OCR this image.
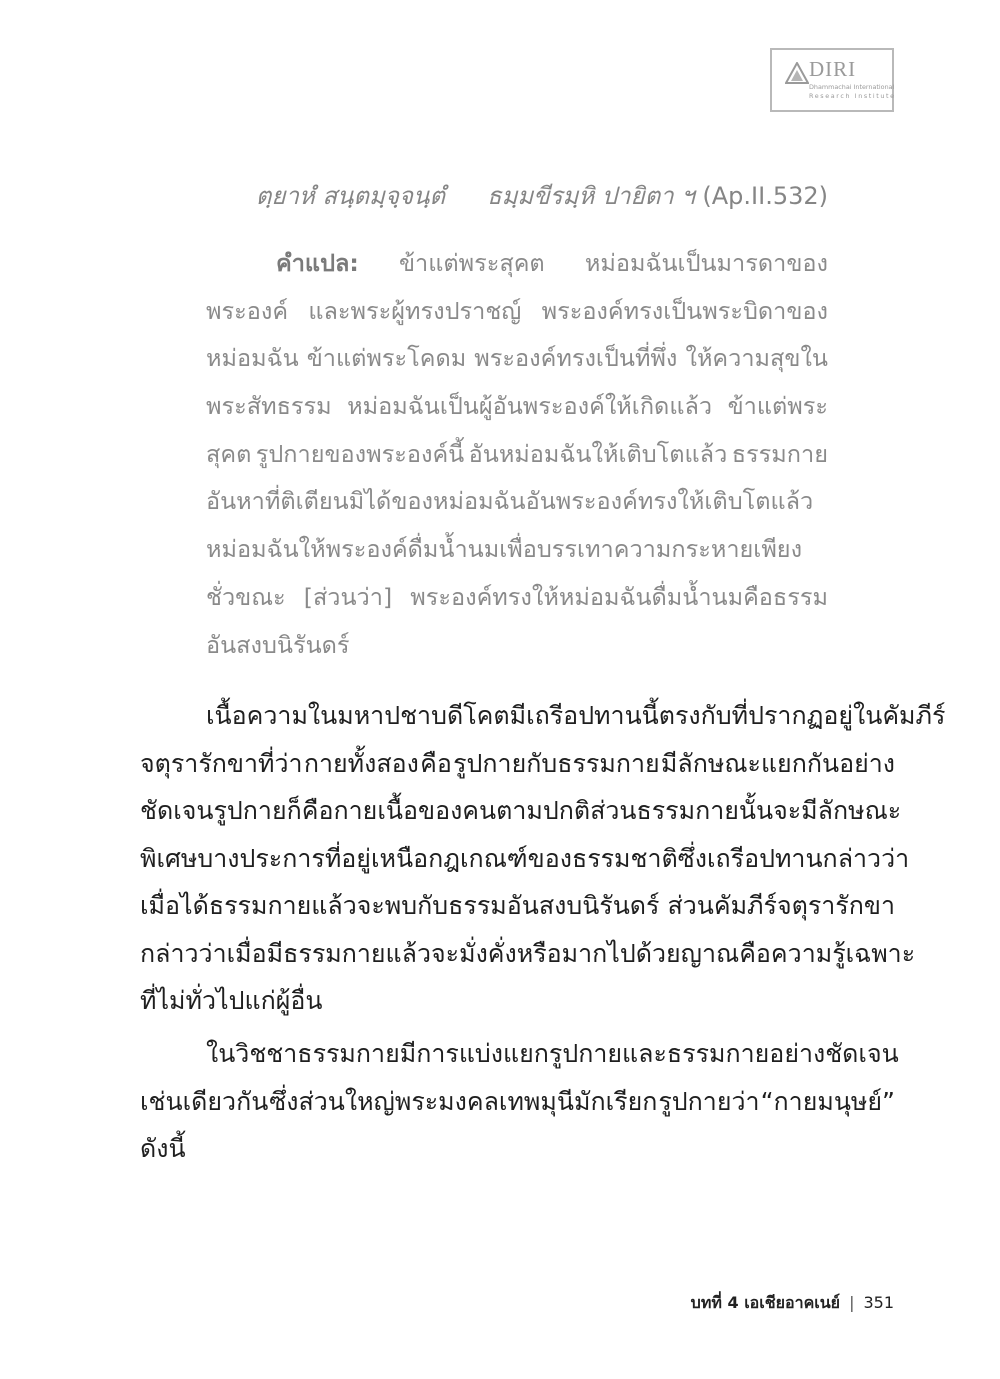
DIRI
Dhammachai International
Research Institute
ตฺยาหํ สนฺตมฺจฺจนฺตํ ธมฺมขีรมฺหิ ปายิตา ฯ (Ap.II.532)
คำแปล: ข้าแต่พระสุคต หม่อมฉันเป็นมารดาของ
พระองค์ และพระผู้ทรงปราชญ์ พระองค์ทรงเป็นพระบิดาของ
หม่อมฉัน ข้าแต่พระโคดม พระองค์ทรงเป็นที่พึ่ง ให้ความสุขใน
พระสัทธรรม หม่อมฉันเป็นผู้อันพระองค์ให้เกิดแล้ว ข้าแต่พระ
สุคต รูปกายของพระองค์นี้ อันหม่อมฉันให้เติบโตแล้ว ธรรมกาย
อันหาที่ติเตียนมิได้ของหม่อมฉันอันพระองค์ทรงให้เติบโตแล้ว
หม่อมฉันให้พระองค์ดื่มน้ำนมเพื่อบรรเทาความกระหายเพียง
ชั่วขณะ [ส่วนว่า] พระองค์ทรงให้หม่อมฉันดื่มน้ำนมคือธรรม
อันสงบนิรันดร์
เนื้อความในมหาปชาบดีโคตมีเถรีอปทานนี้ ตรงกับที่ปรากฏอยู่ในคัมภีร์
จตุรารักขาที่ว่า กายทั้งสอง คือ รูปกายกับธรรมกาย มีลักษณะแยกกันอย่าง
ชัดเจน รูปกาย ก็คือกายเนื้อของคนตามปกติ ส่วนธรรมกายนั้นจะมีลักษณะ
พิเศษบางประการที่อยู่เหนือกฎเกณฑ์ของธรรมชาติ ซึ่งเถรีอปทานกล่าวว่า
เมื่อได้ธรรมกายแล้วจะพบกับธรรมอันสงบนิรันดร์ ส่วนคัมภีร์จตุรารักขา
กล่าวว่า เมื่อมีธรรมกายแล้วจะมั่งคั่งหรือมากไปด้วยญาณ คือความรู้เฉพาะ
ที่ไม่ทั่วไปแก่ผู้อื่น
ในวิชชาธรรมกาย มีการแบ่งแยกรูปกายและธรรมกายอย่างชัดเจน
เช่นเดียวกัน ซึ่งส่วนใหญ่พระมงคลเทพมุนีมักเรียก รูปกายว่า “กายมนุษย์”
ดังนี้
บทที่ 4 เอเชียอาคเนย์ | 351
